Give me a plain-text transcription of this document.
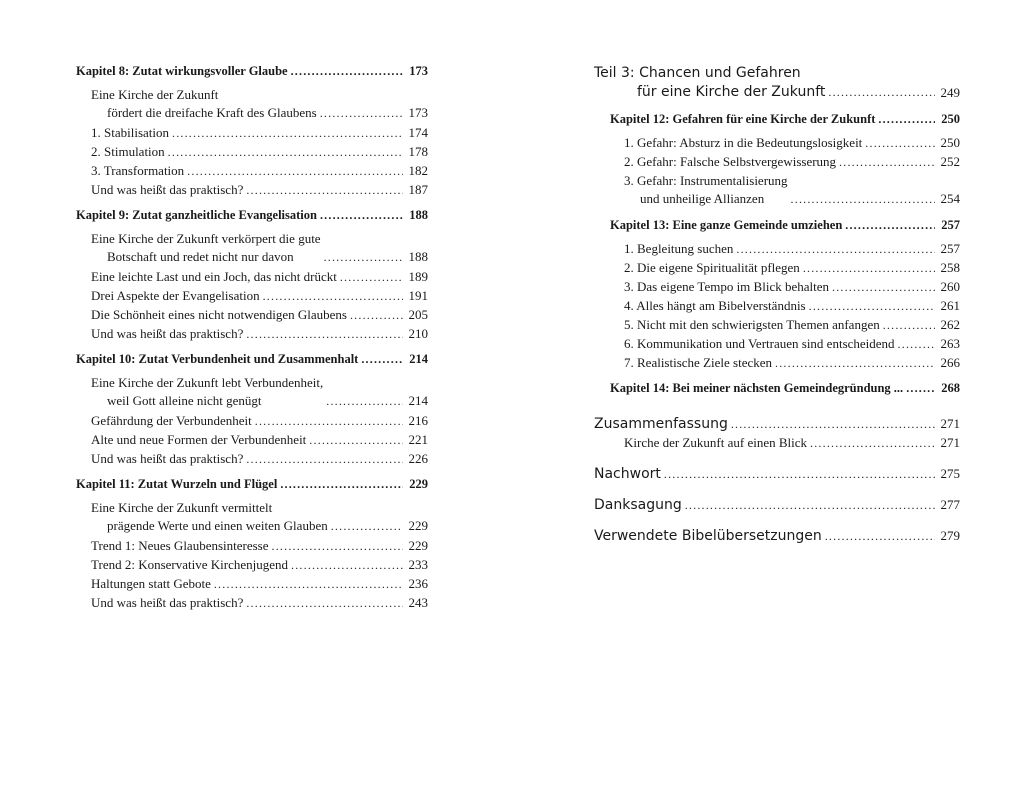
Kapitel 8: Zutat wirkungsvoller Glaube .....	173
Eine Kirche der Zukunft
fördert die dreifache Kraft des Glaubens .....	173
1. Stabilisation .....	174
2. Stimulation .....	178
3. Transformation .....	182
Und was heißt das praktisch? .....	187
Kapitel 9: Zutat ganzheitliche Evangelisation .....	188
Eine Kirche der Zukunft verkörpert die gute
Botschaft und redet nicht nur davon .....	188
Eine leichte Last und ein Joch, das nicht drückt .....	189
Drei Aspekte der Evangelisation .....	191
Die Schönheit eines nicht notwendigen Glaubens .....	205
Und was heißt das praktisch? .....	210
Kapitel 10: Zutat Verbundenheit und Zusammenhalt .....	214
Eine Kirche der Zukunft lebt Verbundenheit,
weil Gott alleine nicht genügt .....	214
Gefährdung der Verbundenheit .....	216
Alte und neue Formen der Verbundenheit .....	221
Und was heißt das praktisch? .....	226
Kapitel 11: Zutat Wurzeln und Flügel .....	229
Eine Kirche der Zukunft vermittelt
prägende Werte und einen weiten Glauben .....	229
Trend 1: Neues Glaubensinteresse .....	229
Trend 2: Konservative Kirchenjugend .....	233
Haltungen statt Gebote .....	236
Und was heißt das praktisch? .....	243
Teil 3: Chancen und Gefahren
für eine Kirche der Zukunft .....	249
Kapitel 12: Gefahren für eine Kirche der Zukunft .....	250
1. Gefahr: Absturz in die Bedeutungslosigkeit .....	250
2. Gefahr: Falsche Selbstvergewisserung .....	252
3. Gefahr: Instrumentalisierung
und unheilige Allianzen .....	254
Kapitel 13: Eine ganze Gemeinde umziehen .....	257
1. Begleitung suchen .....	257
2. Die eigene Spiritualität pflegen .....	258
3. Das eigene Tempo im Blick behalten .....	260
4. Alles hängt am Bibelverständnis .....	261
5. Nicht mit den schwierigsten Themen anfangen .....	262
6. Kommunikation und Vertrauen sind entscheidend .....	263
7. Realistische Ziele stecken .....	266
Kapitel 14: Bei meiner nächsten Gemeindegründung ... .....	268
Zusammenfassung .....	271
Kirche der Zukunft auf einen Blick .....	271
Nachwort .....	275
Danksagung .....	277
Verwendete Bibelübersetzungen .....	279
